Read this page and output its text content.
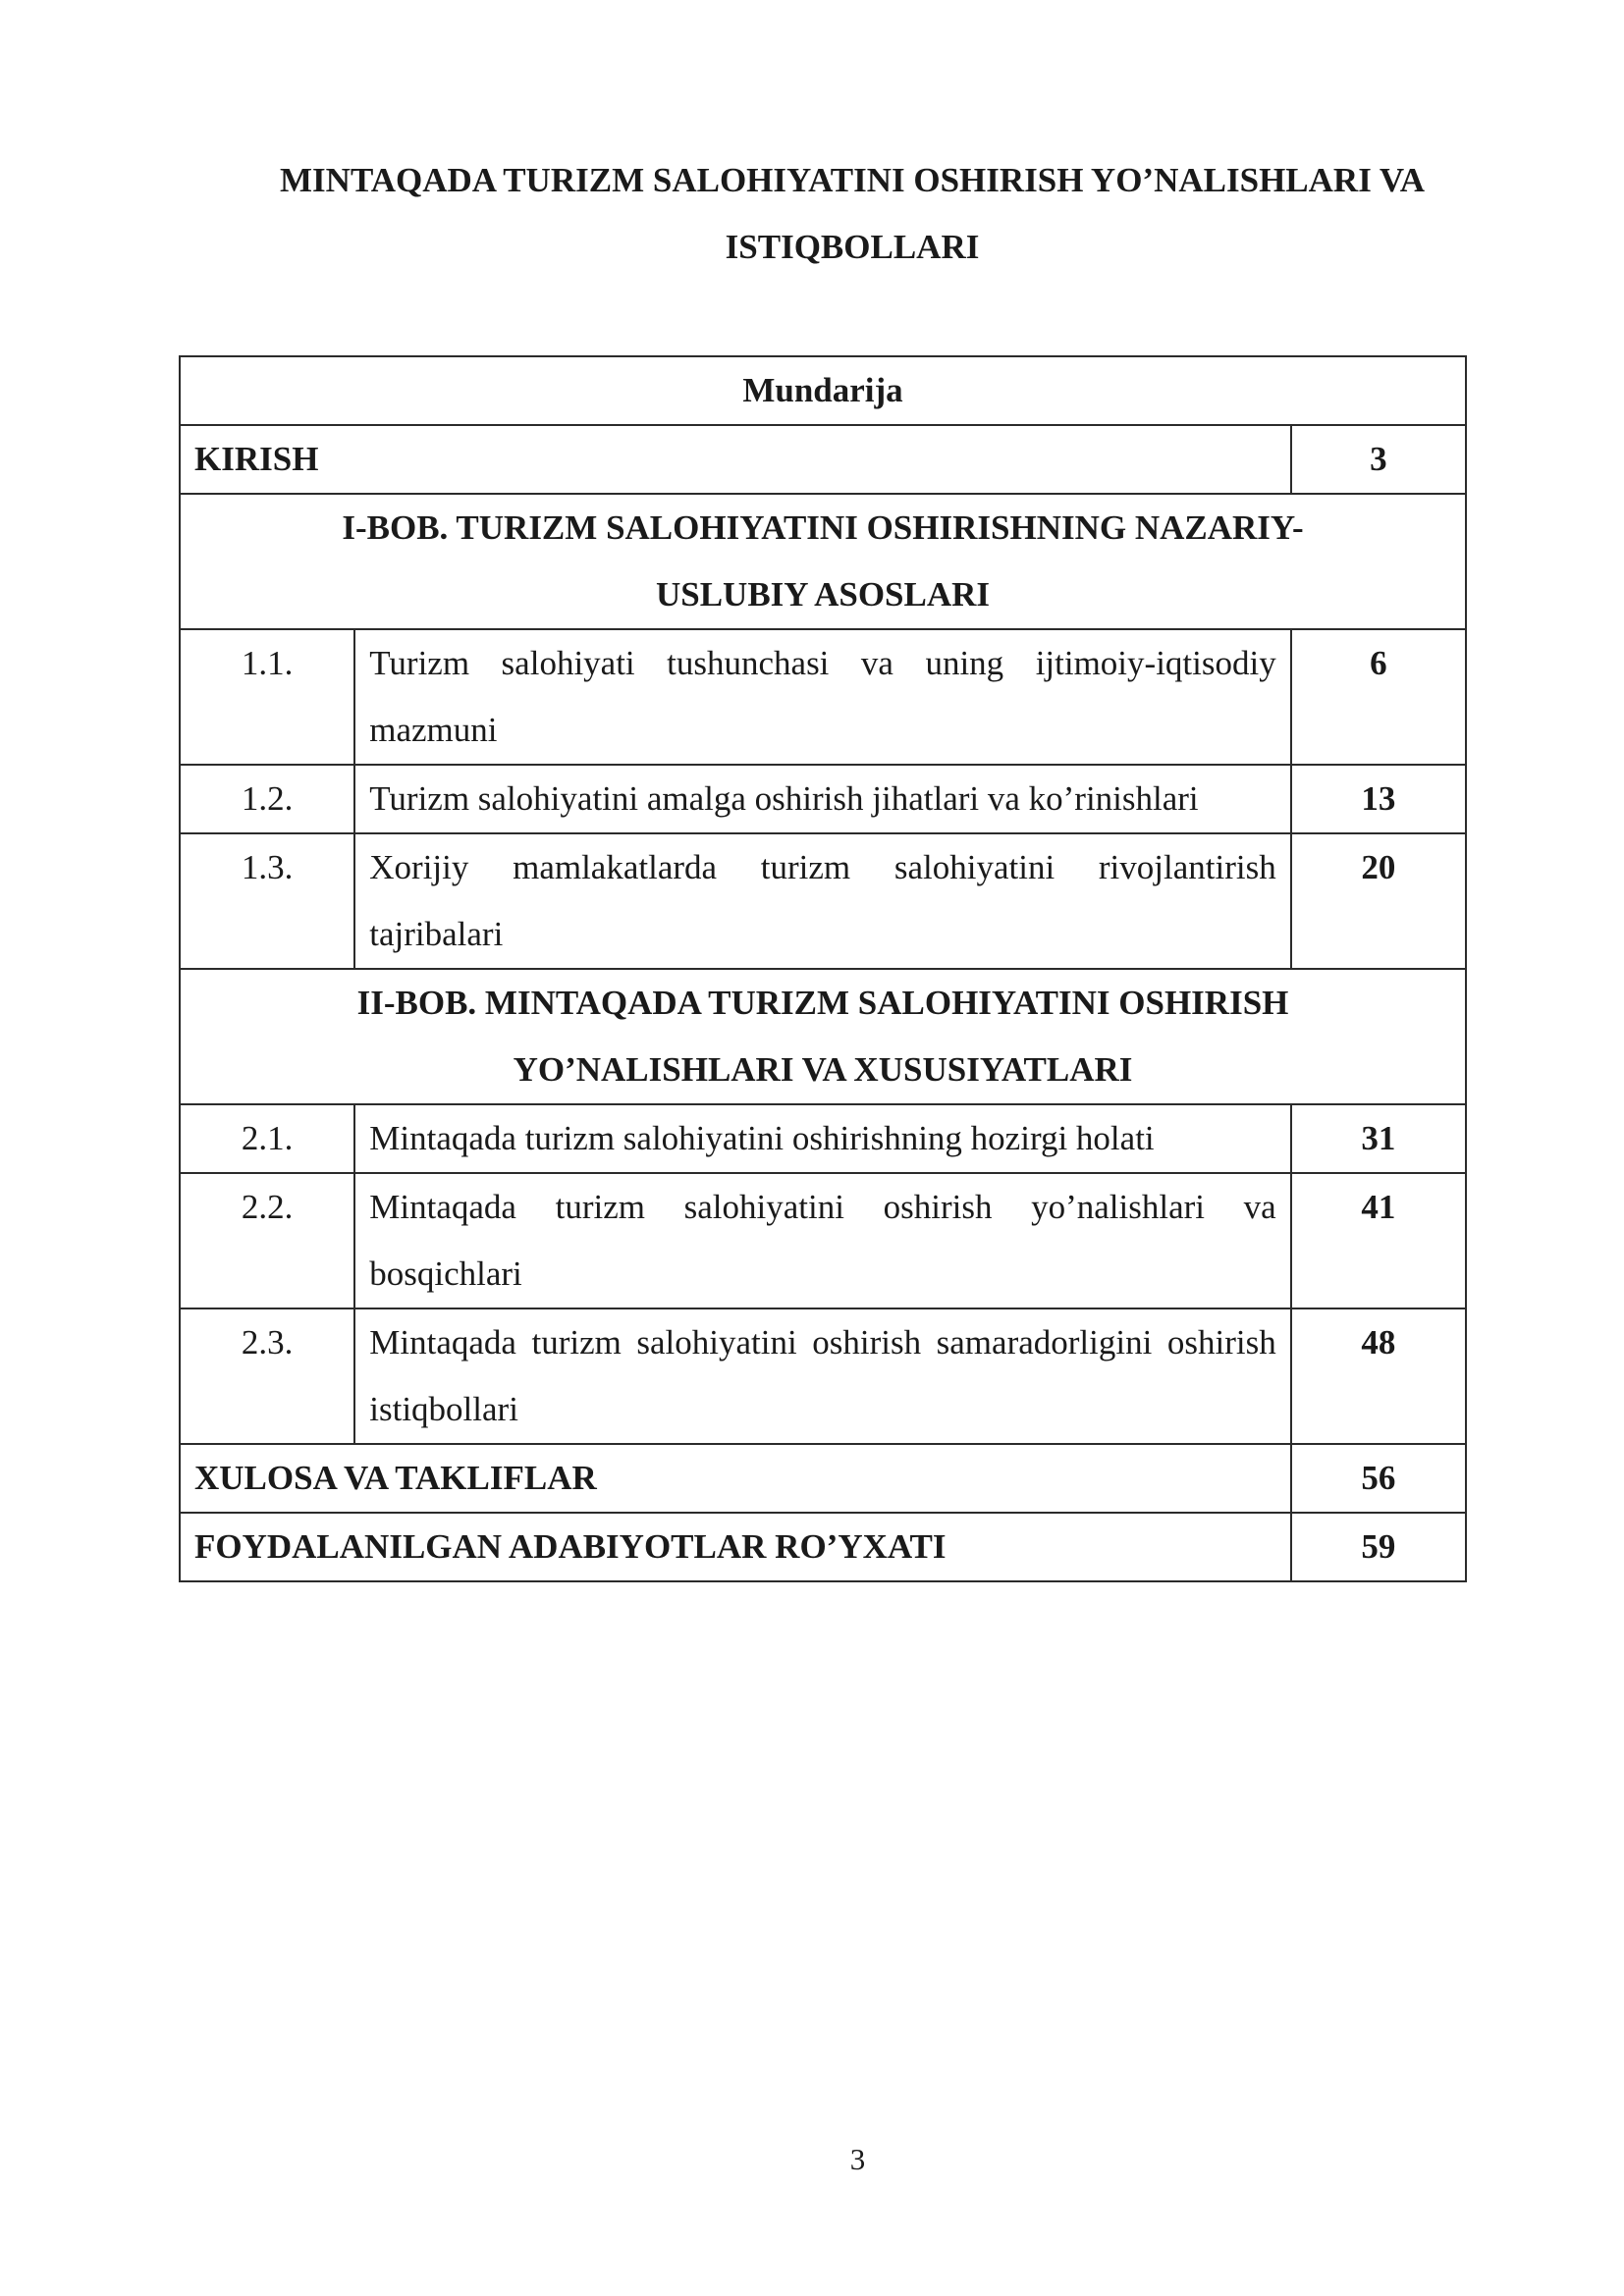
MINTAQADA TURIZM SALOHIYATINI OSHIRISH YO’NALISHLARI VA
ISTIQBOLLARI
Mundarija		
KIRISH		3
I-BOB. TURIZM SALOHIYATINI OSHIRISHNING NAZARIY-
USLUBIY ASOSLARI		
1.1.	Turizm salohiyati tushunchasi va uning ijtimoiy-iqtisodiy mazmuni	6
1.2.	Turizm salohiyatini amalga oshirish jihatlari va ko’rinishlari	13
1.3.	Xorijiy mamlakatlarda turizm salohiyatini rivojlantirish tajribalari	20
II-BOB. MINTAQADA TURIZM SALOHIYATINI OSHIRISH
YO’NALISHLARI VA XUSUSIYATLARI		
2.1.	Mintaqada turizm salohiyatini oshirishning hozirgi holati	31
2.2.	Mintaqada turizm salohiyatini oshirish yo’nalishlari va bosqichlari	41
2.3.	Mintaqada turizm salohiyatini oshirish samaradorligini oshirish istiqbollari	48
XULOSA VA TAKLIFLAR		56
FOYDALANILGAN ADABIYOTLAR RO’YXATI		59
3
